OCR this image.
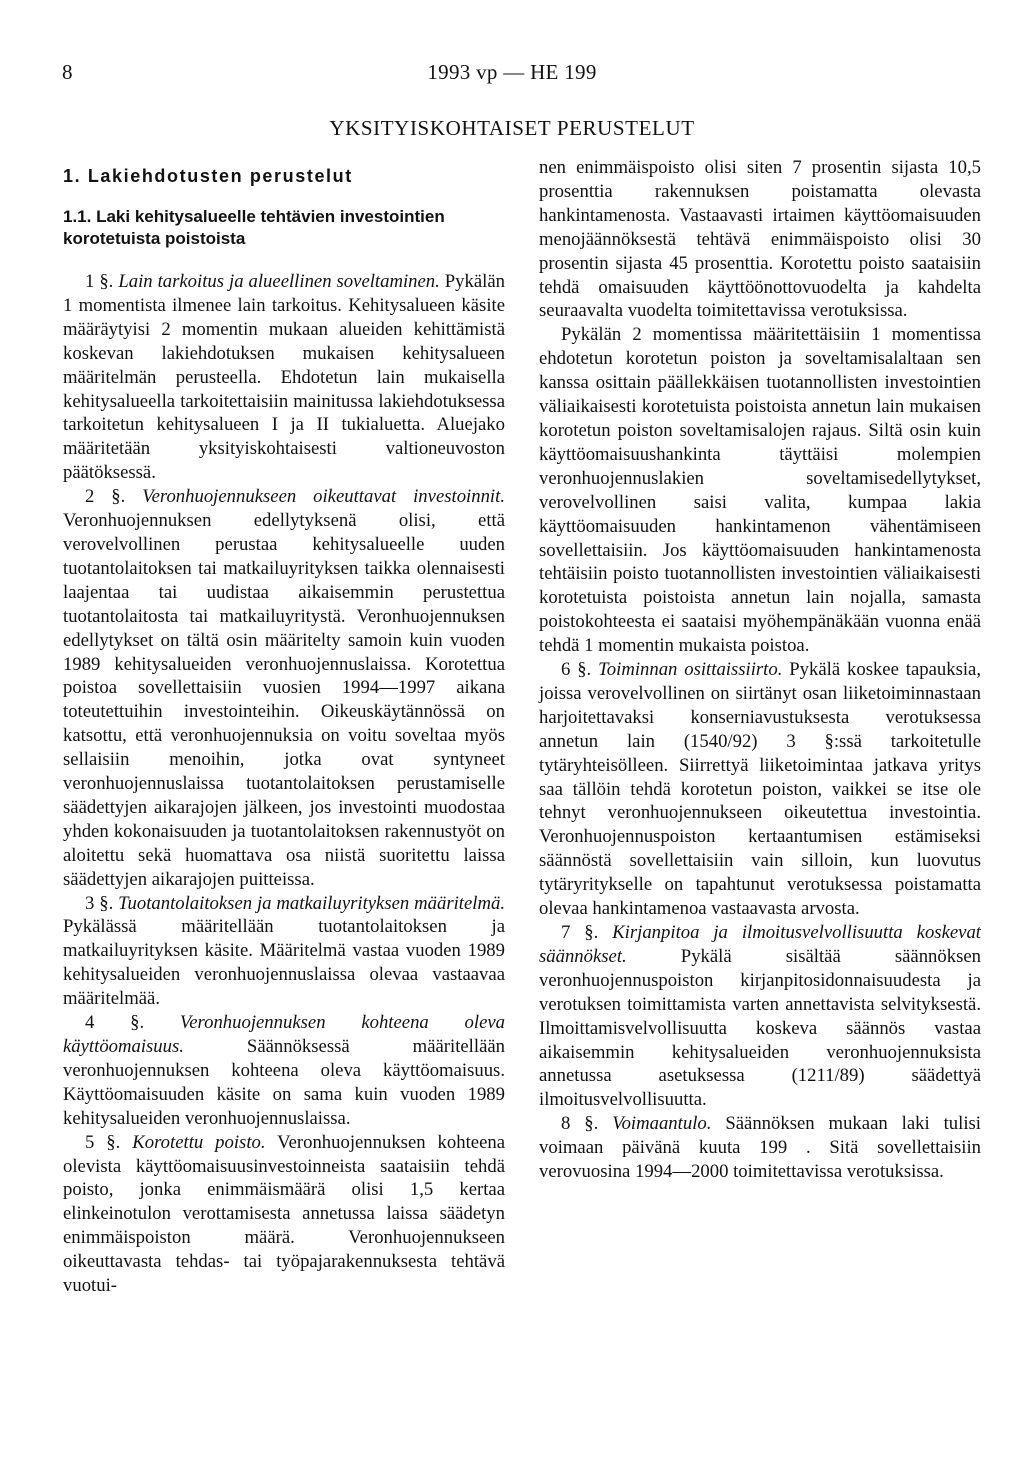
8	1993 vp — HE 199
YKSITYISKOHTAISET PERUSTELUT
1. Lakiehdotusten perustelut
1.1. Laki kehitysalueelle tehtävien investointien korotetuista poistoista

1 §. Lain tarkoitus ja alueellinen soveltaminen. Pykälän 1 momentista ilmenee lain tarkoitus. Kehitysalueen käsite määräytyisi 2 momentin mukaan alueiden kehittämistä koskevan lakiehdotuksen mukaisen kehitysalueen määritelmän perusteella. Ehdotetun lain mukaisella kehitysalueella tarkoitettaisiin mainitussa lakiehdotuksessa tarkoitetun kehitysalueen I ja II tukialuetta. Aluejako määritetään yksityiskohtaisesti valtioneuvoston päätöksessä.

2 §. Veronhuojennukseen oikeuttavat investoinnit. Veronhuojennuksen edellytyksenä olisi, että verovelvollinen perustaa kehitysalueelle uuden tuotantolaitoksen tai matkailuyrityksen taikka olennaisesti laajentaa tai uudistaa aikaisemmin perustettua tuotantolaitosta tai matkailuyritystä. Veronhuojennuksen edellytykset on tältä osin määritelty samoin kuin vuoden 1989 kehitysalueiden veronhuojennuslaissa. Korotettua poistoa sovellettaisiin vuosien 1994—1997 aikana toteutettuihin investointeihin. Oikeuskäytännössä on katsottu, että veronhuojennuksia on voitu soveltaa myös sellaisiin menoihin, jotka ovat syntyneet veronhuojennuslaissa tuotantolaitoksen perustamiselle säädettyjen aikarajojen jälkeen, jos investointi muodostaa yhden kokonaisuuden ja tuotantolaitoksen rakennustyöt on aloitettu sekä huomattava osa niistä suoritettu laissa säädettyjen aikarajojen puitteissa.

3 §. Tuotantolaitoksen ja matkailuyrityksen määritelmä. Pykälässä määritellään tuotantolaitoksen ja matkailuyrityksen käsite. Määritelmä vastaa vuoden 1989 kehitysalueiden veronhuojennuslaissa olevaa vastaavaa määritelmää.

4 §. Veronhuojennuksen kohteena oleva käyttöomaisuus. Säännöksessä määritellään veronhuojennuksen kohteena oleva käyttöomaisuus. Käyttöomaisuuden käsite on sama kuin vuoden 1989 kehitysalueiden veronhuojennuslaissa.

5 §. Korotettu poisto. Veronhuojennuksen kohteena olevista käyttöomaisuusinvestoinneista saataisiin tehdä poisto, jonka enimmäismäärä olisi 1,5 kertaa elinkeinotulon verottamisesta annetussa laissa säädetyn enimmäispoiston määrä. Veronhuojennukseen oikeuttavasta tehdas- tai työpajarakennuksesta tehtävä vuotui-

nen enimmäispoisto olisi siten 7 prosentin sijasta 10,5 prosenttia rakennuksen poistamatta olevasta hankintamenosta. Vastaavasti irtaimen käyttöomaisuuden menojäännöksestä tehtävä enimmäispoisto olisi 30 prosentin sijasta 45 prosenttia. Korotettu poisto saataisiin tehdä omaisuuden käyttöönottovuodelta ja kahdelta seuraavalta vuodelta toimitettavissa verotuksissa.

Pykälän 2 momentissa määritettäisiin 1 momentissa ehdotetun korotetun poiston ja soveltamisalaltaan sen kanssa osittain päällekkäisen tuotannollisten investointien väliaikaisesti korotetuista poistoista annetun lain mukaisen korotetun poiston soveltamisalojen rajaus. Siltä osin kuin käyttöomaisuushankinta täyttäisi molempien veronhuojennuslakien soveltamisedellytykset, verovelvollinen saisi valita, kumpaa lakia käyttöomaisuuden hankintamenon vähentämiseen sovellettaisiin. Jos käyttöomaisuuden hankintamenosta tehtäisiin poisto tuotannollisten investointien väliaikaisesti korotetuista poistoista annetun lain nojalla, samasta poistokohteesta ei saataisi myöhempänäkään vuonna enää tehdä 1 momentin mukaista poistoa.

6 §. Toiminnan osittaissiirto. Pykälä koskee tapauksia, joissa verovelvollinen on siirtänyt osan liiketoiminnastaan harjoitettavaksi konserniavustuksesta verotuksessa annetun lain (1540/92) 3 §:ssä tarkoitetulle tytäryhteisölleen. Siirrettyä liiketoimintaa jatkava yritys saa tällöin tehdä korotetun poiston, vaikkei se itse ole tehnyt veronhuojennukseen oikeutettua investointia. Veronhuojennuspoiston kertaantumisen estämiseksi säännöstä sovellettaisiin vain silloin, kun luovutus tytäryritykselle on tapahtunut verotuksessa poistamatta olevaa hankintamenoa vastaavasta arvosta.

7 §. Kirjanpitoa ja ilmoitusvelvollisuutta koskevat säännökset. Pykälä sisältää säännöksen veronhuojennuspoiston kirjanpitosidonnaisuudesta ja verotuksen toimittamista varten annettavista selvityksestä. Ilmoittamisvelvollisuutta koskeva säännös vastaa aikaisemmin kehitysalueiden veronhuojennuksista annetussa asetuksessa (1211/89) säädettyä ilmoitusvelvollisuutta.

8 §. Voimaantulo. Säännöksen mukaan laki tulisi voimaan päivänä kuuta 199 . Sitä sovellettaisiin verovuosina 1994—2000 toimitettavissa verotuksissa.
